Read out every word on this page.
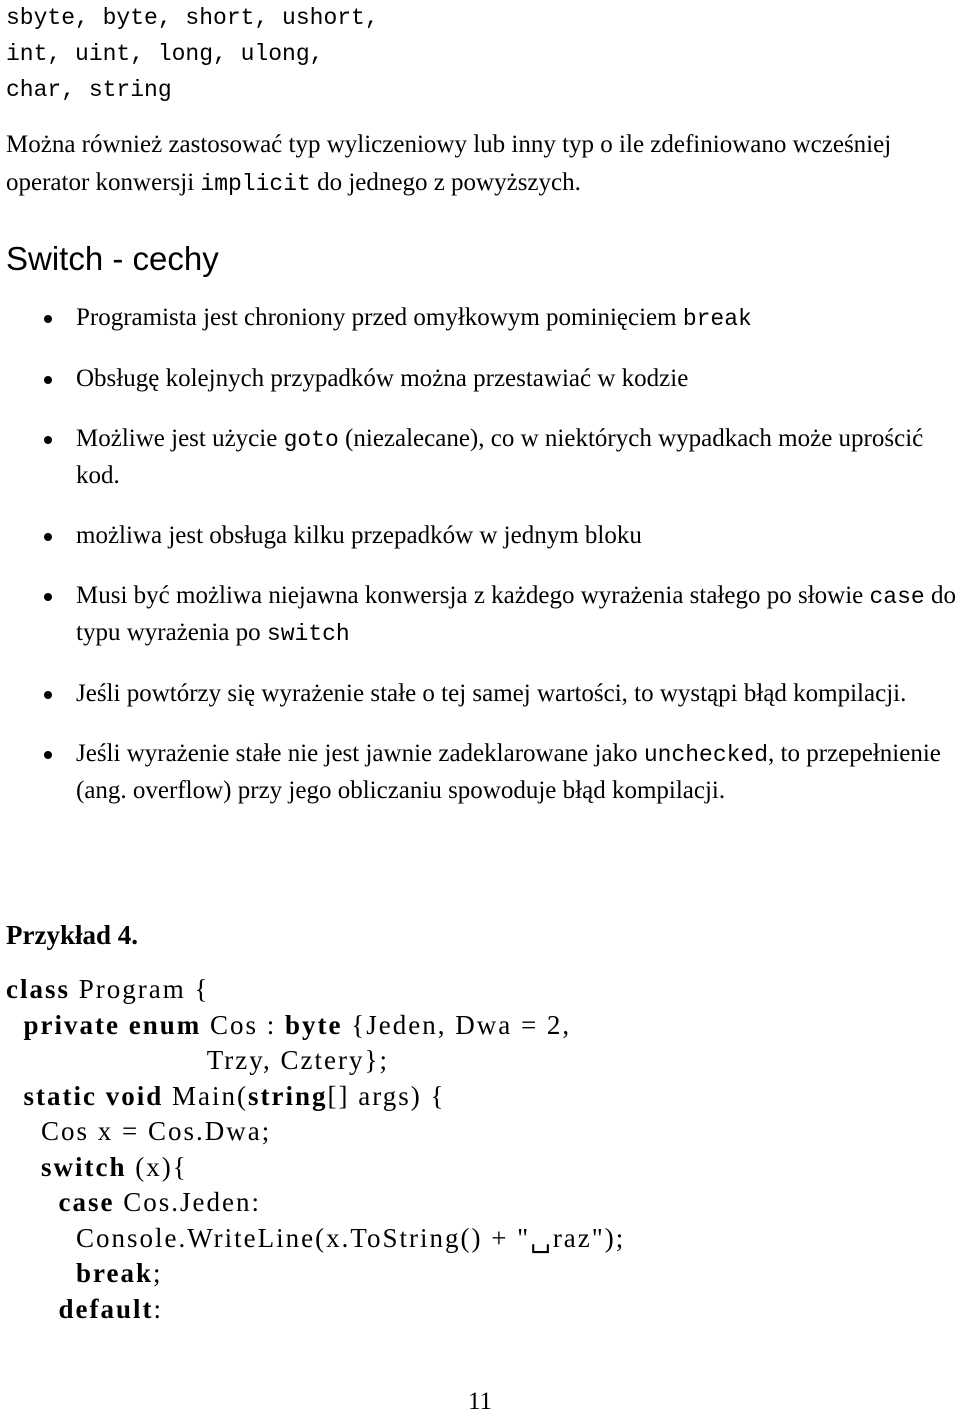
sbyte, byte, short, ushort,
int, uint, long, ulong,
char, string

Można również zastosować typ wyliczeniowy lub inny typ o ile zdefiniowano wcześniej operator konwersji implicit do jednego z powyższych.

Switch - cechy
Programista jest chroniony przed omyłkowym pominięciem break
Obsługę kolejnych przypadków można przestawiać w kodzie
Możliwe jest użycie goto (niezalecane), co w niektórych wypadkach może uprościć kod.
możliwa jest obsługa kilku przepadków w jednym bloku
Musi być możliwa niejawna konwersja z każdego wyrażenia stałego po słowie case do typu wyrażenia po switch
Jeśli powtórzy się wyrażenie stałe o tej samej wartości, to wystąpi błąd kompilacji.
Jeśli wyrażenie stałe nie jest jawnie zadeklarowane jako unchecked, to przepełnienie (ang. overflow) przy jego obliczaniu spowoduje błąd kompilacji.
Przykład 4.
class Program {
private enum Cos : byte {Jeden, Dwa = 2,
Trzy, Cztery};
static void Main(string[] args) {
Cos x = Cos.Dwa;
switch (x){
case Cos.Jeden:
Console.WriteLine(x.ToString() + "␣raz");
break;
default:
11
